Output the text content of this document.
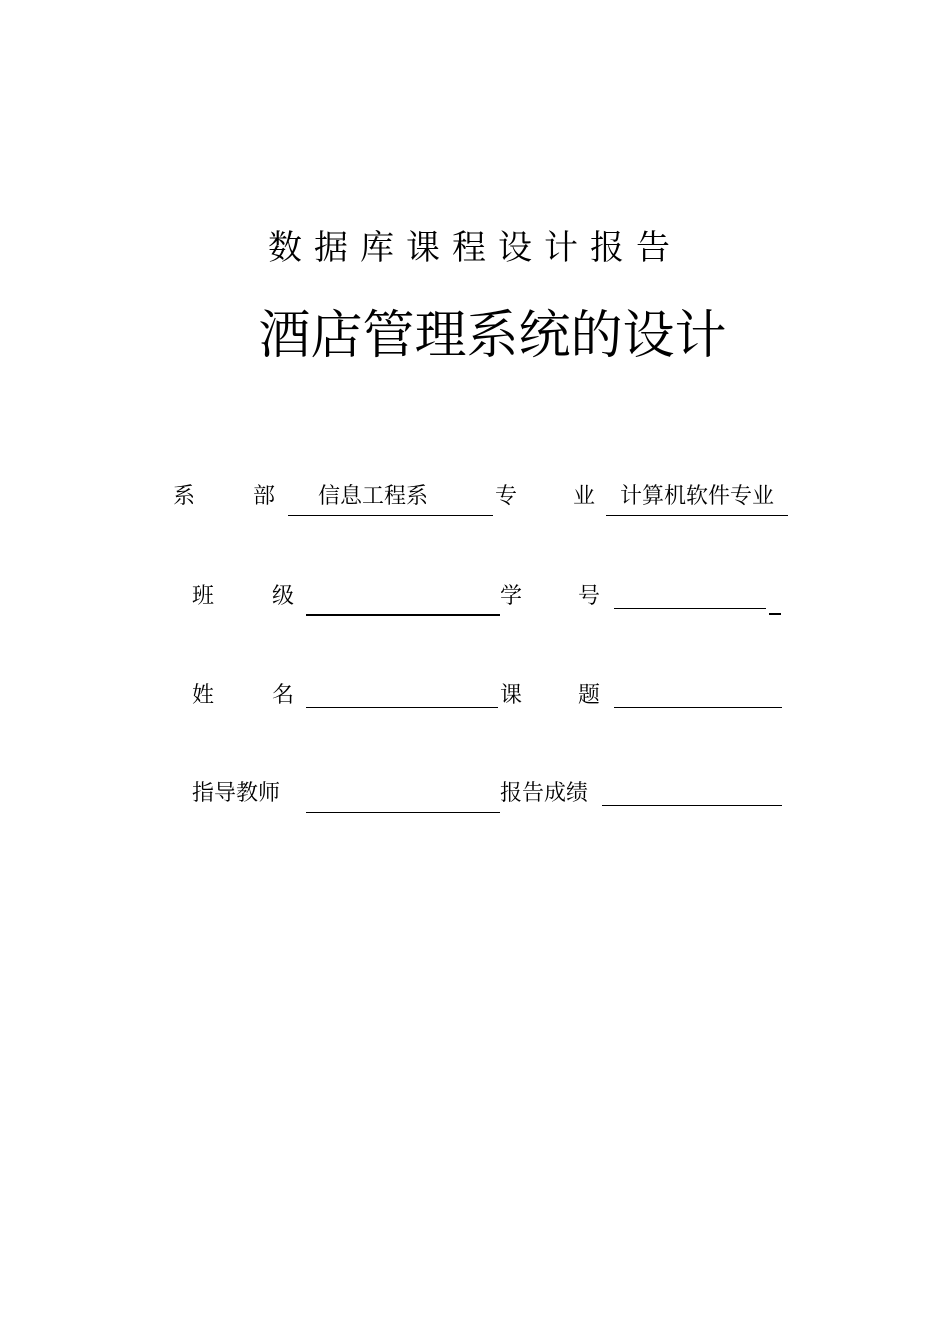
数据库课程设计报告
酒店管理系统的设计
系	部	信息工程系	专	业	计算机软件专业
班	级	学	号
姓	名	课	题
指导教师	报告成绩
